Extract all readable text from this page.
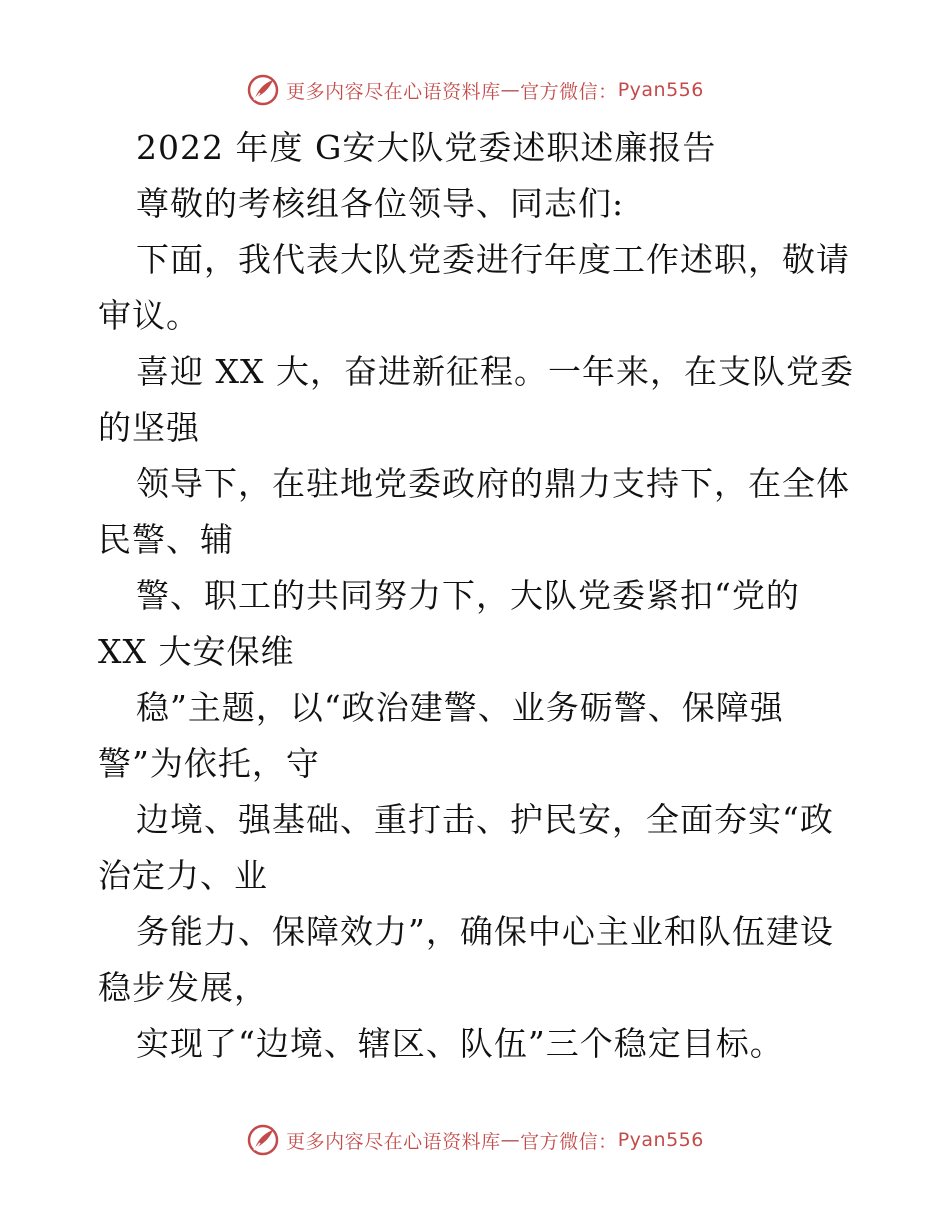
更多内容尽在心语资料库 — 官方微信： Pyan556
2022 年度 G安大队党委述职述廉报告
尊敬的考核组各位领导、同志们:
下面，我代表大队党委进行年度工作述职，敬请
审议。
喜迎 XX 大，奋进新征程。一年来，在支队党委
的坚强
领导下，在驻地党委政府的鼎力支持下，在全体
民警、辅
警、职工的共同努力下，大队党委紧扣“党的
XX 大安保维
稳”主题，以“政治建警、业务砺警、保障强
警”为依托，守
边境、强基础、重打击、护民安，全面夯实“政
治定力、业
务能力、保障效力”，确保中心主业和队伍建设
稳步发展，
实现了“边境、辖区、队伍”三个稳定目标。
更多内容尽在心语资料库 — 官方微信： Pyan556
